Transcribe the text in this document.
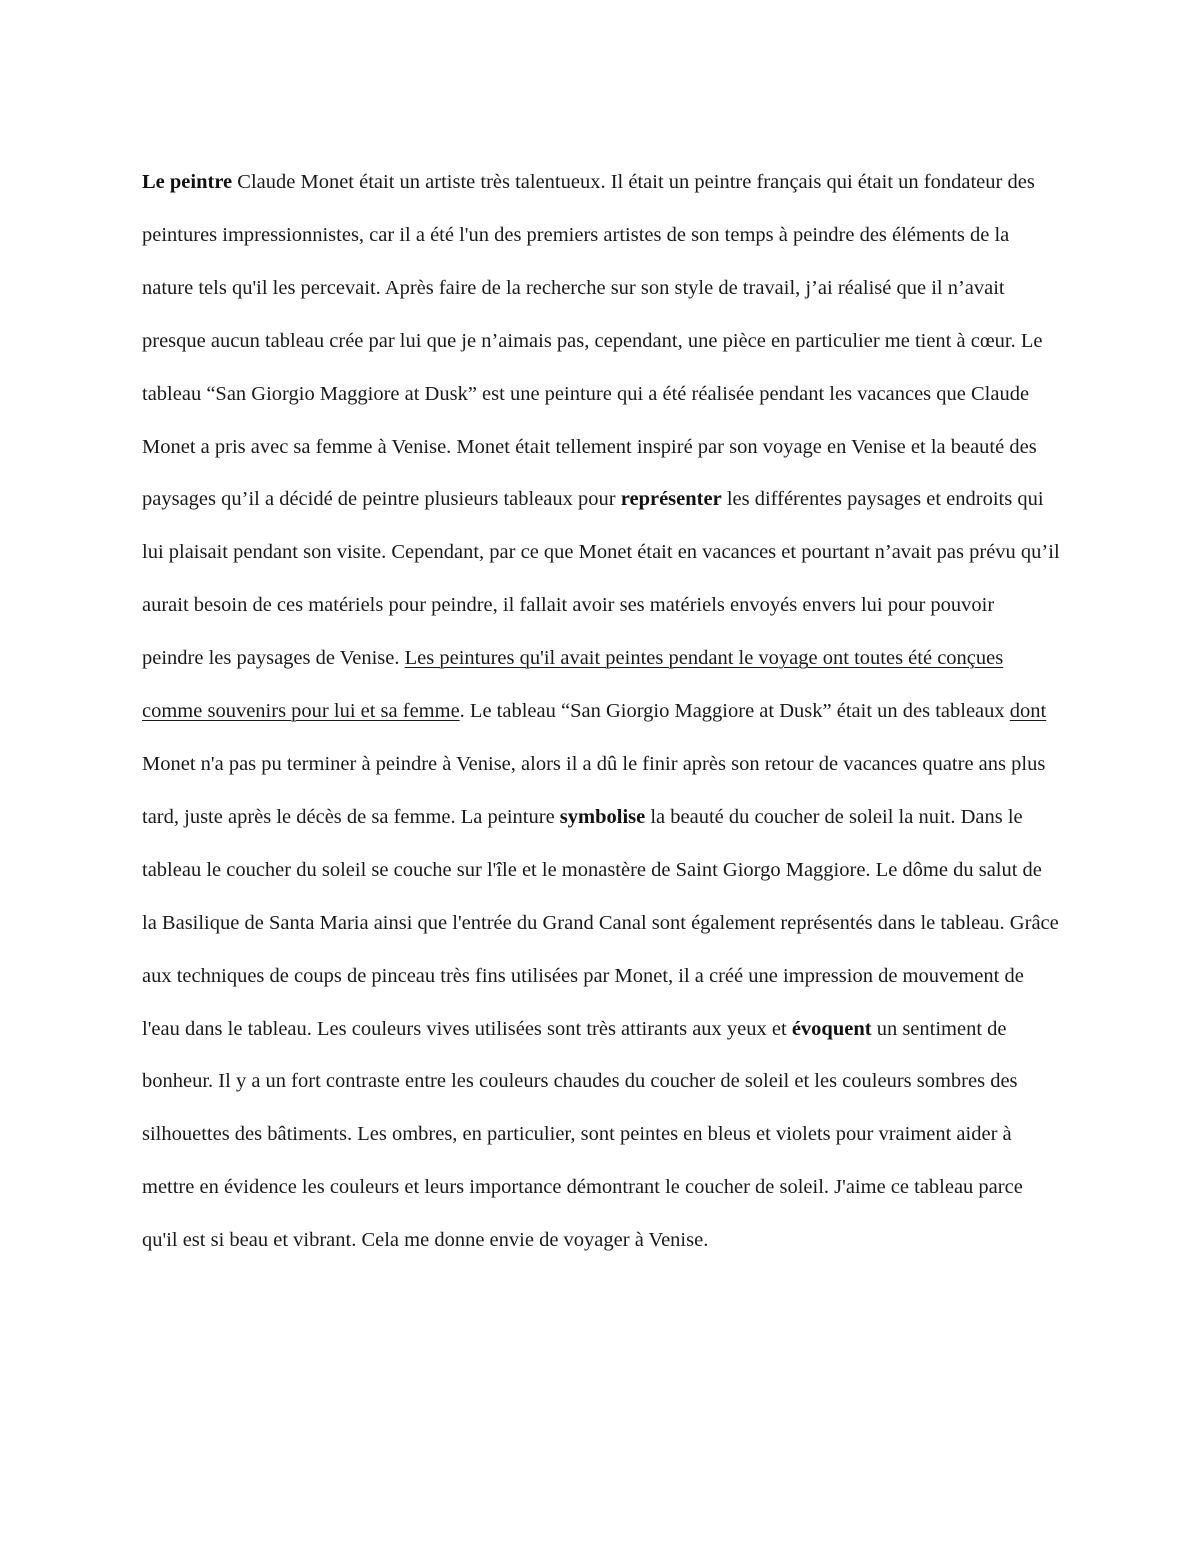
Le peintre Claude Monet était un artiste très talentueux. Il était un peintre français qui était un fondateur des peintures impressionnistes, car il a été l'un des premiers artistes de son temps à peindre des éléments de la nature tels qu'il les percevait. Après faire de la recherche sur son style de travail, j’ai réalisé que il n’avait presque aucun tableau crée par lui que je n’aimais pas, cependant, une pièce en particulier me tient à cœur. Le tableau “San Giorgio Maggiore at Dusk” est une peinture qui a été réalisée pendant les vacances que Claude Monet a pris avec sa femme à Venise. Monet était tellement inspiré par son voyage en Venise et la beauté des paysages qu’il a décidé de peintre plusieurs tableaux pour représenter les différentes paysages et endroits qui lui plaisait pendant son visite. Cependant, par ce que Monet était en vacances et pourtant n’avait pas prévu qu’il aurait besoin de ces matériels pour peindre, il fallait avoir ses matériels envoyés envers lui pour pouvoir peindre les paysages de Venise. Les peintures qu'il avait peintes pendant le voyage ont toutes été conçues comme souvenirs pour lui et sa femme. Le tableau “San Giorgio Maggiore at Dusk” était un des tableaux dont Monet n'a pas pu terminer à peindre à Venise, alors il a dû le finir après son retour de vacances quatre ans plus tard, juste après le décès de sa femme. La peinture symbolise la beauté du coucher de soleil la nuit. Dans le tableau le coucher du soleil se couche sur l'île et le monastère de Saint Giorgo Maggiore. Le dôme du salut de la Basilique de Santa Maria ainsi que l'entrée du Grand Canal sont également représentés dans le tableau. Grâce aux techniques de coups de pinceau très fins utilisées par Monet, il a créé une impression de mouvement de l'eau dans le tableau. Les couleurs vives utilisées sont très attirants aux yeux et évoquent un sentiment de bonheur. Il y a un fort contraste entre les couleurs chaudes du coucher de soleil et les couleurs sombres des silhouettes des bâtiments. Les ombres, en particulier, sont peintes en bleus et violets pour vraiment aider à mettre en évidence les couleurs et leurs importance démontrant le coucher de soleil. J'aime ce tableau parce qu'il est si beau et vibrant. Cela me donne envie de voyager à Venise.
